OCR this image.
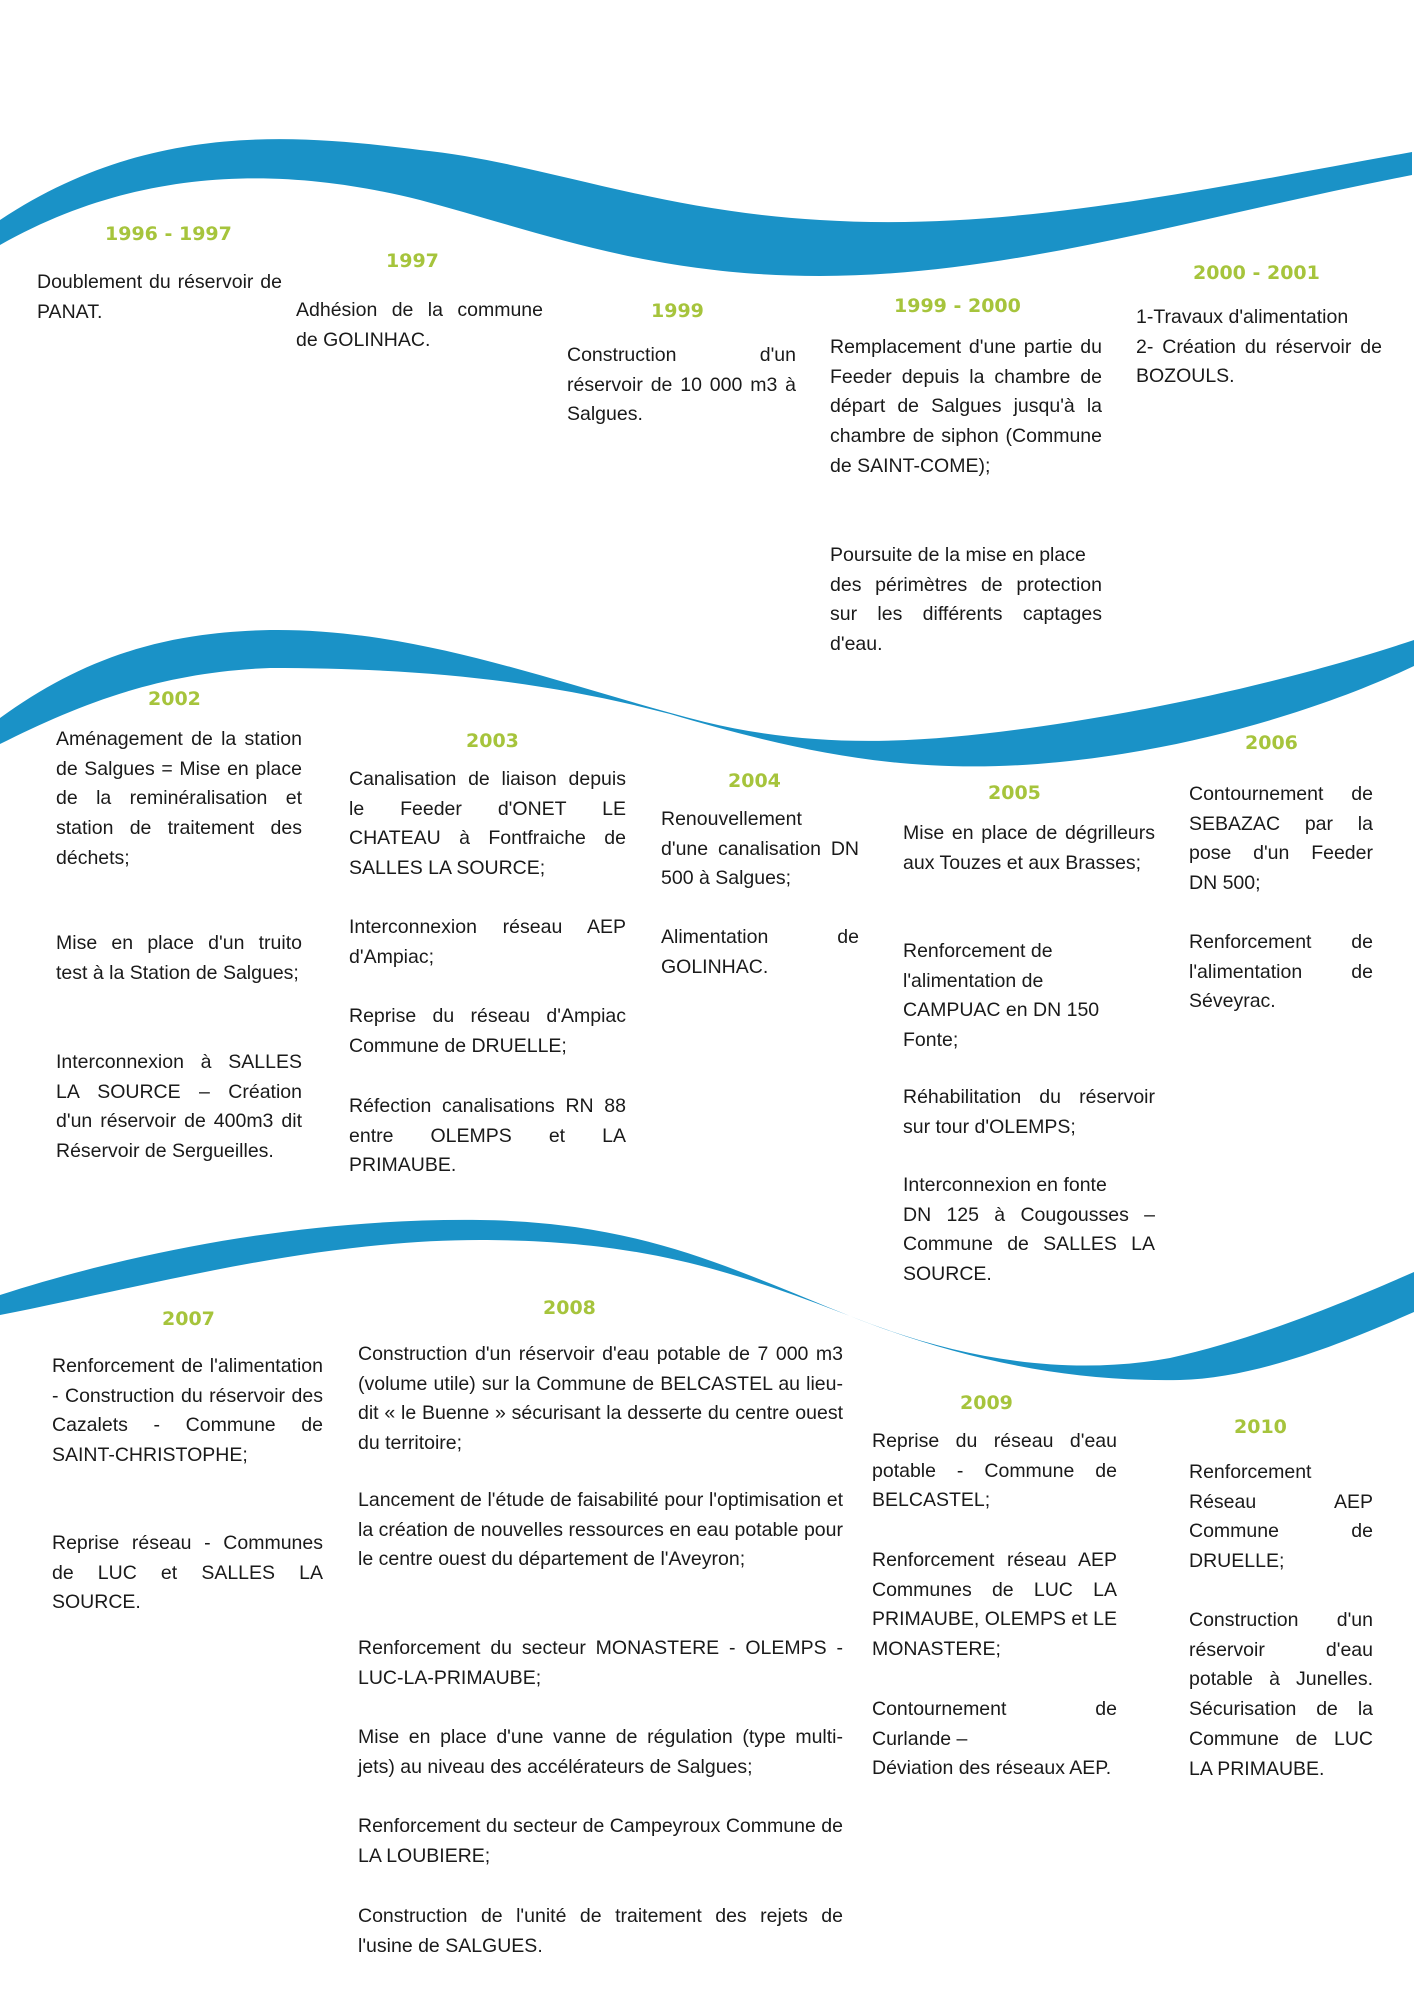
1996 - 1997

Doublement du réservoir de PANAT.

1997

Adhésion de la commune de GOLINHAC.

1999

Construction d'un réservoir de 10 000 m3 à Salgues.

1999 - 2000

Remplacement d'une partie du Feeder depuis la chambre de départ de Salgues jusqu'à la chambre de siphon (Commune de SAINT-COME);

Poursuite de la mise en place
des périmètres de protection sur les différents captages d'eau.

2000 - 2001

1-Travaux d'alimentation
2- Création du réservoir de BOZOULS.

2002

Aménagement de la station de Salgues = Mise en place de la reminéralisation et station de traitement des déchets;

Mise en place d'un truito test à la Station de Salgues;

Interconnexion à SALLES LA SOURCE – Création d'un réservoir de 400m3 dit Réservoir de Sergueilles.

2003

Canalisation de liaison depuis le Feeder d'ONET LE CHATEAU à Fontfraiche de SALLES LA SOURCE;

Interconnexion réseau AEP d'Ampiac;

Reprise du réseau d'Ampiac Commune de DRUELLE;

Réfection canalisations RN 88 entre OLEMPS et LA PRIMAUBE.

2004

Renouvellement
d'une canalisation DN 500 à Salgues;

Alimentation de GOLINHAC.

2005

Mise en place de dégrilleurs aux Touzes et aux Brasses;

Renforcement de
l'alimentation de
CAMPUAC en DN 150
Fonte;

Réhabilitation du réservoir sur tour d'OLEMPS;

Interconnexion en fonte
DN 125 à Cougousses – Commune de SALLES LA SOURCE.

2006

Contournement de SEBAZAC par la pose d'un Feeder DN 500;

Renforcement de l'alimentation de Séveyrac.

2007

Renforcement de l'alimentation - Construction du réservoir des Cazalets - Commune de SAINT-CHRISTOPHE;

Reprise réseau - Communes de LUC et SALLES LA SOURCE.

2008

Construction d'un réservoir d'eau potable de 7 000 m3 (volume utile) sur la Commune de BELCASTEL au lieu-dit « le Buenne » sécurisant la desserte du centre ouest du territoire;

Lancement de l'étude de faisabilité pour l'optimisation et la création de nouvelles ressources en eau potable pour le centre ouest du département de l'Aveyron;

Renforcement du secteur MONASTERE - OLEMPS - LUC-LA-PRIMAUBE;

Mise en place d'une vanne de régulation (type multi-jets) au niveau des accélérateurs de Salgues;

Renforcement du secteur de Campeyroux Commune de LA LOUBIERE;

Construction de l'unité de traitement des rejets de l'usine de SALGUES.

2009

Reprise du réseau d'eau potable - Commune de BELCASTEL;

Renforcement réseau AEP Communes de LUC LA PRIMAUBE, OLEMPS et LE MONASTERE;

Contournement de Curlande –
Déviation des réseaux AEP.

2010

Renforcement
Réseau AEP Commune de DRUELLE;

Construction d'un réservoir d'eau potable à Junelles. Sécurisation de la Commune de LUC LA PRIMAUBE.
